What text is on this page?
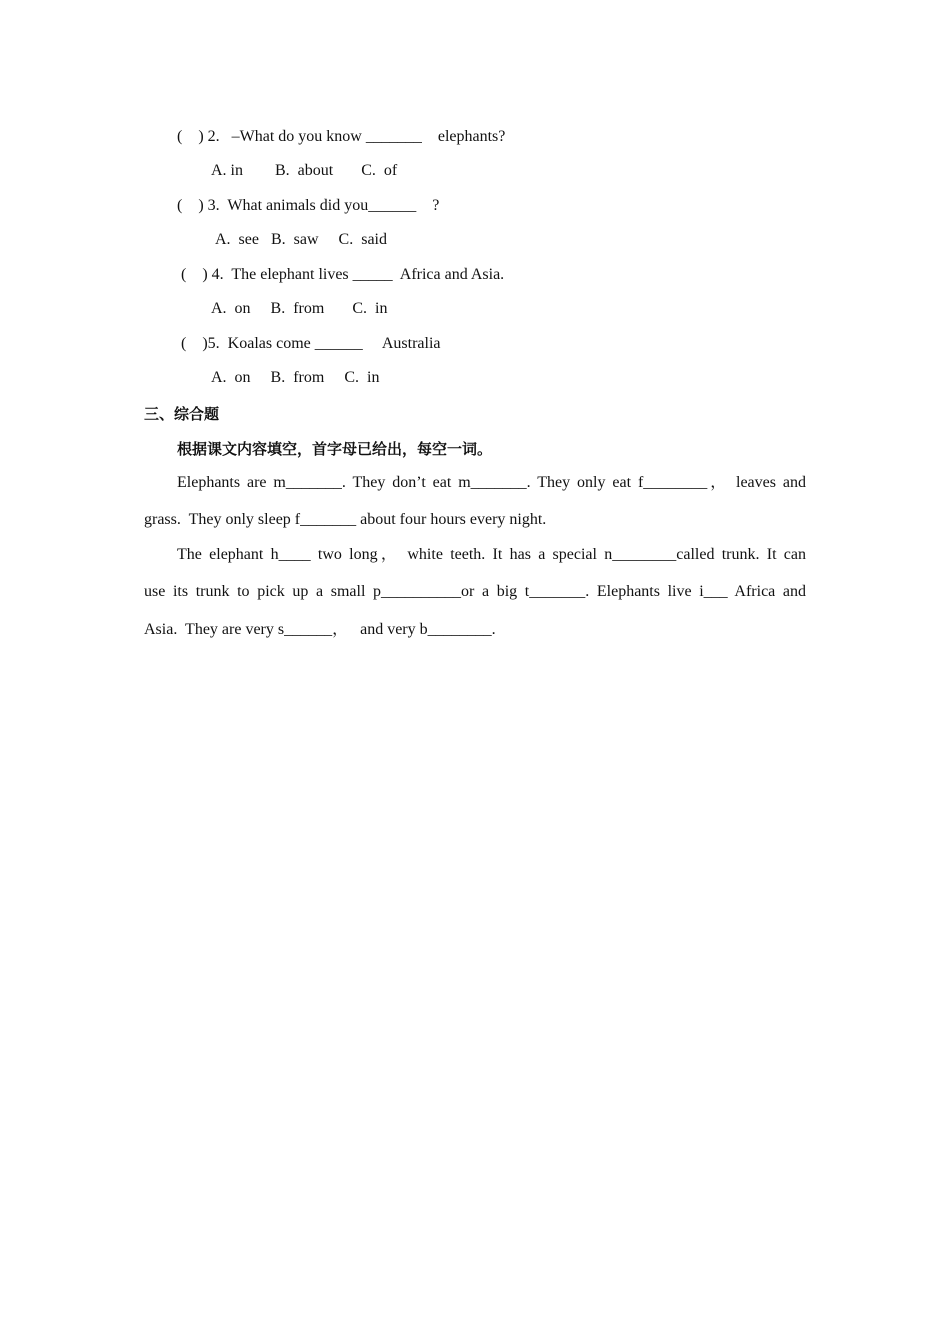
(    ) 2.   –What do you know _______    elephants?
A. in        B.  about       C.  of
(    ) 3.  What animals did you______    ?
A.  see   B.  saw     C.  said
(    ) 4.  The elephant lives _____  Africa and Asia.
A.  on     B.  from       C.  in
(    )5.  Koalas come ______     Australia
A.  on     B.  from     C.  in
三、综合题
根据课文内容填空，首字母已给出，每空一词。
Elephants are m_______. They don’t eat m_______. They only eat f________， leaves and
grass.  They only sleep f_______ about four hours every night.
The elephant h____ two long， white teeth. It has a special n________called trunk. It can
use its trunk to pick up a small p__________or a big t_______. Elephants live i___ Africa and
Asia.  They are very s______，   and very b________.
